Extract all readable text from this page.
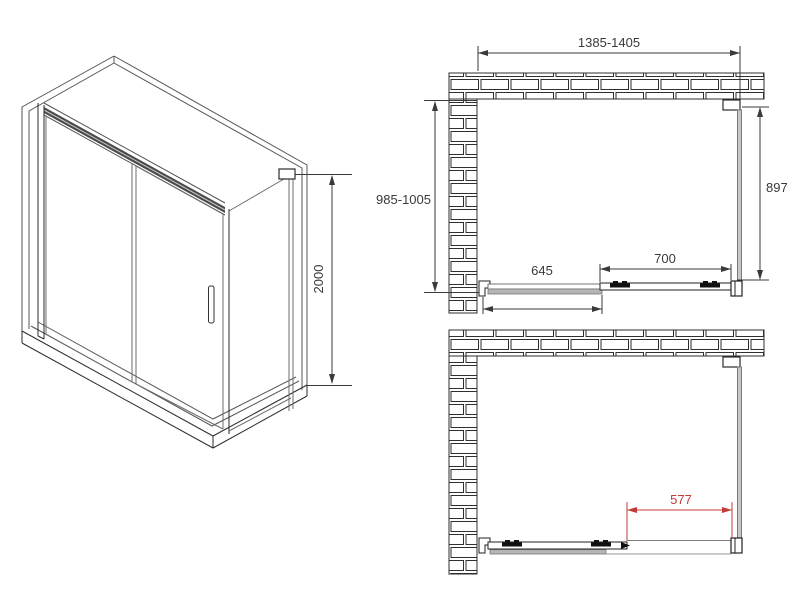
2000
1385-1405
985-1005
897
645
700
577
